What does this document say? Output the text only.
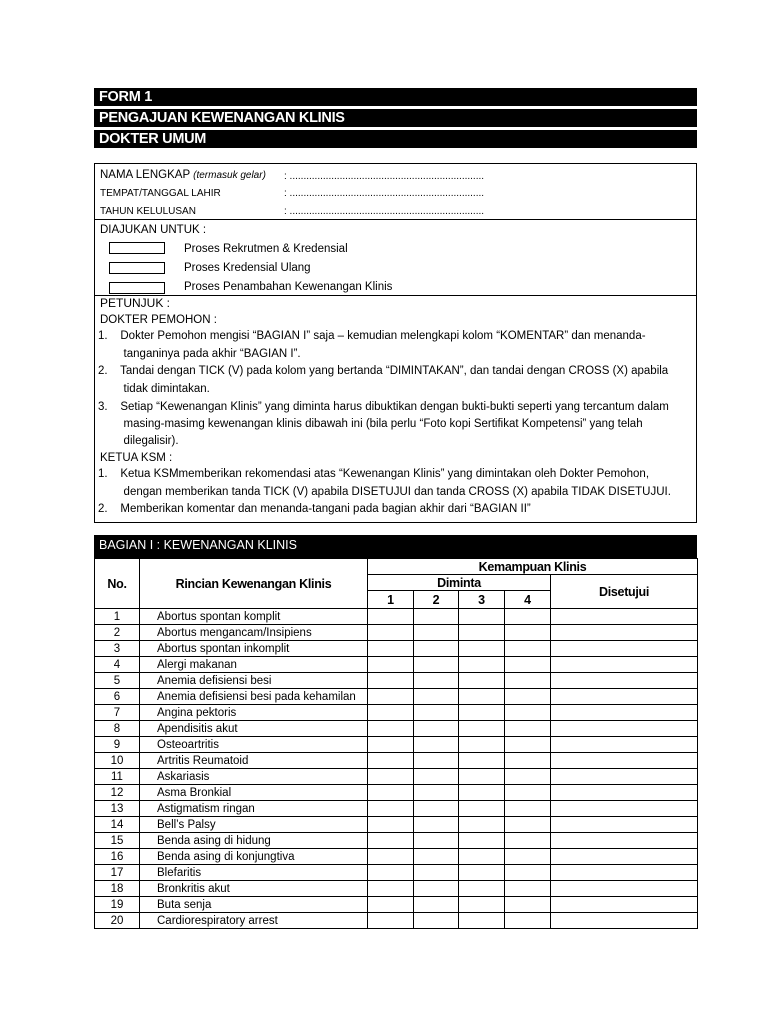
FORM 1
PENGAJUAN KEWENANGAN KLINIS
DOKTER UMUM
NAMA LENGKAP (termasuk gelar) : ......................................................................
TEMPAT/TANGGAL LAHIR	: ......................................................................
TAHUN KELULUSAN	: ......................................................................
DIAJUKAN UNTUK :
Proses Rekrutmen & Kredensial
Proses Kredensial Ulang
Proses Penambahan Kewenangan Klinis
PETUNJUK :
DOKTER PEMOHON :
1.    Dokter Pemohon mengisi “BAGIAN I” saja – kemudian melengkapi kolom “KOMENTAR” dan menanda-
tanganinya pada akhir “BAGIAN I”.
2.    Tandai dengan TICK (V) pada kolom yang bertanda “DIMINTAKAN”, dan tandai dengan CROSS (X) apabila
tidak dimintakan.
3.    Setiap “Kewenangan Klinis” yang diminta harus dibuktikan dengan bukti-bukti seperti yang tercantum dalam
masing-masimg kewenangan klinis dibawah ini (bila perlu “Foto kopi Sertifikat Kompetensi” yang telah
dilegalisir).
KETUA KSM :
1.    Ketua KSMmemberikan rekomendasi atas “Kewenangan Klinis” yang dimintakan oleh Dokter Pemohon,
dengan memberikan tanda TICK (V) apabila DISETUJUI dan tanda CROSS (X) apabila TIDAK DISETUJUI.
2.    Memberikan komentar dan menanda-tangani pada bagian akhir dari “BAGIAN II”
BAGIAN I : KEWENANGAN KLINIS
No.	Rincian Kewenangan Klinis	Kemampuan Klinis				
		Diminta				Disetujui
		1	2	3	4	
1	Abortus spontan komplit					
2	Abortus mengancam/Insipiens					
3	Abortus spontan inkomplit					
4	Alergi makanan					
5	Anemia defisiensi besi					
6	Anemia defisiensi besi pada kehamilan					
7	Angina pektoris					
8	Apendisitis akut					
9	Osteoartritis					
10	Artritis Reumatoid					
11	Askariasis					
12	Asma Bronkial					
13	Astigmatism ringan					
14	Bell’s Palsy					
15	Benda asing di hidung					
16	Benda asing di konjungtiva					
17	Blefaritis					
18	Bronkritis akut					
19	Buta senja					
20	Cardiorespiratory arrest					
